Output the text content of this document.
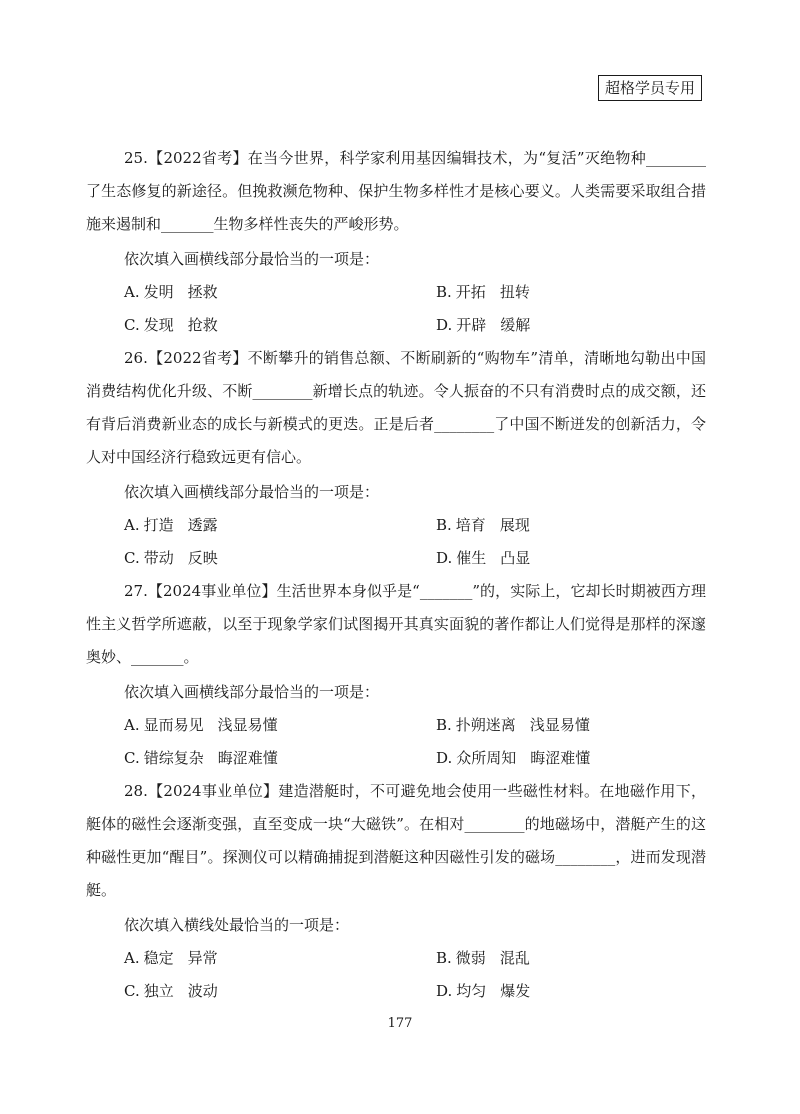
超格学员专用

25.【2022省考】在当今世界，科学家利用基因编辑技术，为“复活”灭绝物种________了生态修复的新途径。但挽救濒危物种、保护生物多样性才是核心要义。人类需要采取组合措施来遏制和_______生物多样性丧失的严峻形势。

依次填入画横线部分最恰当的一项是：
A. 发明 拯救	B. 开拓 扭转
C. 发现 抢救	D. 开辟 缓解

26.【2022省考】不断攀升的销售总额、不断刷新的“购物车”清单，清晰地勾勒出中国消费结构优化升级、不断________新增长点的轨迹。令人振奋的不只有消费时点的成交额，还有背后消费新业态的成长与新模式的更迭。正是后者________了中国不断迸发的创新活力，令人对中国经济行稳致远更有信心。

依次填入画横线部分最恰当的一项是：
A. 打造 透露	B. 培育 展现
C. 带动 反映	D. 催生 凸显

27.【2024事业单位】生活世界本身似乎是“_______”的，实际上，它却长时期被西方理性主义哲学所遮蔽，以至于现象学家们试图揭开其真实面貌的著作都让人们觉得是那样的深邃奥妙、_______。

依次填入画横线部分最恰当的一项是：
A. 显而易见 浅显易懂	B. 扑朔迷离 浅显易懂
C. 错综复杂 晦涩难懂	D. 众所周知 晦涩难懂

28.【2024事业单位】建造潜艇时，不可避免地会使用一些磁性材料。在地磁作用下，艇体的磁性会逐渐变强，直至变成一块“大磁铁”。在相对________的地磁场中，潜艇产生的这种磁性更加“醒目”。探测仪可以精确捕捉到潜艇这种因磁性引发的磁场________，进而发现潜艇。

依次填入横线处最恰当的一项是：
A. 稳定 异常	B. 微弱 混乱
C. 独立 波动	D. 均匀 爆发
177
